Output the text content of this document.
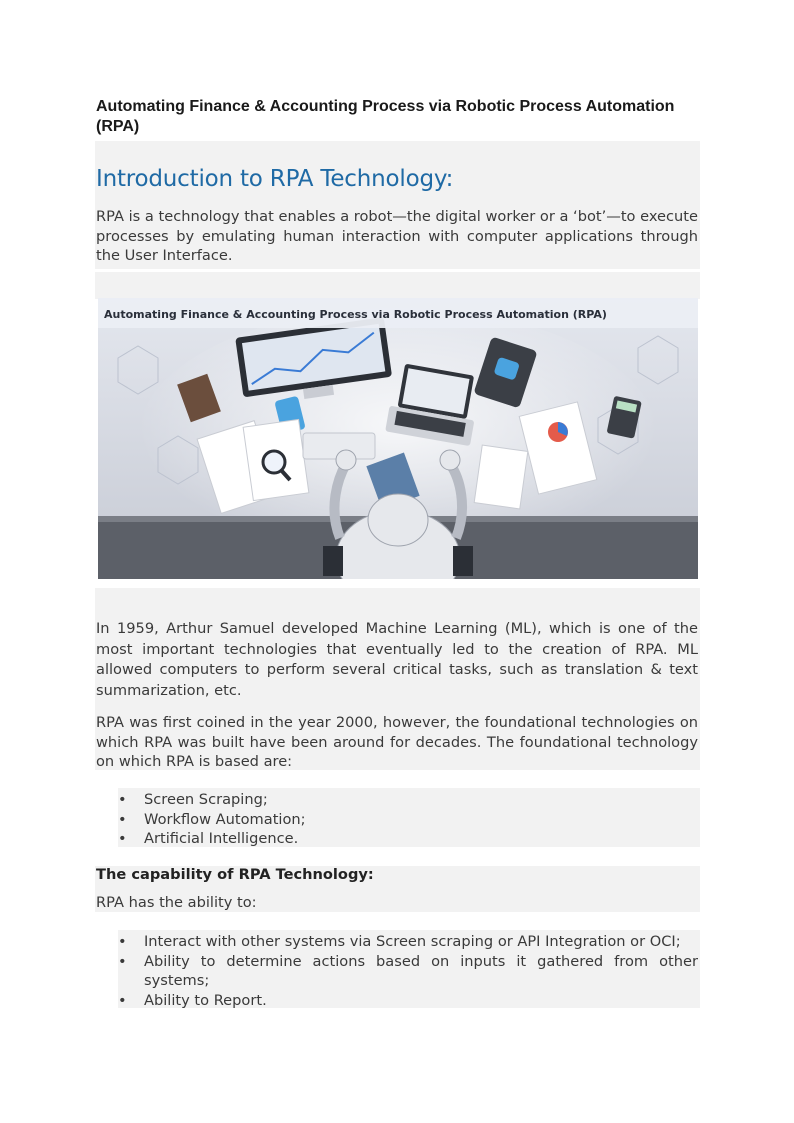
Automating Finance & Accounting Process via Robotic Process Automation (RPA)
Introduction to RPA Technology:
RPA is a technology that enables a robot—the digital worker or a ‘bot’—to execute processes by emulating human interaction with computer applications through the User Interface.
Automating Finance & Accounting Process via Robotic Process Automation (RPA)
In 1959, Arthur Samuel developed Machine Learning (ML), which is one of the most important technologies that eventually led to the creation of RPA. ML allowed computers to perform several critical tasks, such as translation & text summarization, etc.
RPA was first coined in the year 2000, however, the foundational technologies on which RPA was built have been around for decades. The foundational technology on which RPA is based are:
• Screen Scraping;
• Workflow Automation;
• Artificial Intelligence.
The capability of RPA Technology:
RPA has the ability to:
• Interact with other systems via Screen scraping or API Integration or OCI;
• Ability to determine actions based on inputs it gathered from other systems;
• Ability to Report.
